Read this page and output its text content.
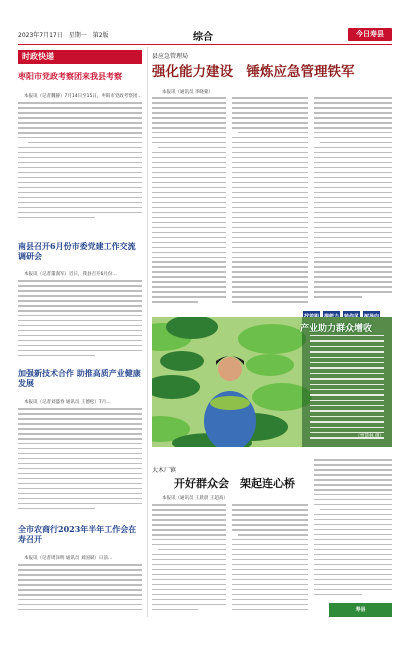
2023年7月17日　星期一　第2版	综合	今日寿县
时政快递
枣阳市党政考察团来我县考察
本报讯（记者魏静）7月14日至15日，枣阳市党政考察团…
南县召开6月份市委党建工作交流调研会
本报讯（记者董润军）近日，我县召开6月份…
加强新技术合作 助推高质产业健康发展
本报讯（记者刘盛春 通讯员 王德松）7月…
全市农商行2023年半年工作会在寿召开
本报讯（记者周泽明 通讯员 刘国斌）日前…
县应急管理局
强化能力建设　锤炼应急管理铁军
本报讯（通讯员 李晓蒙）
产业助力群众增收
（贾慧林 摄）
大木厂镇
开好群众会　架起连心桥
本报讯（通讯员 王晨晨 王超高）
寿县
